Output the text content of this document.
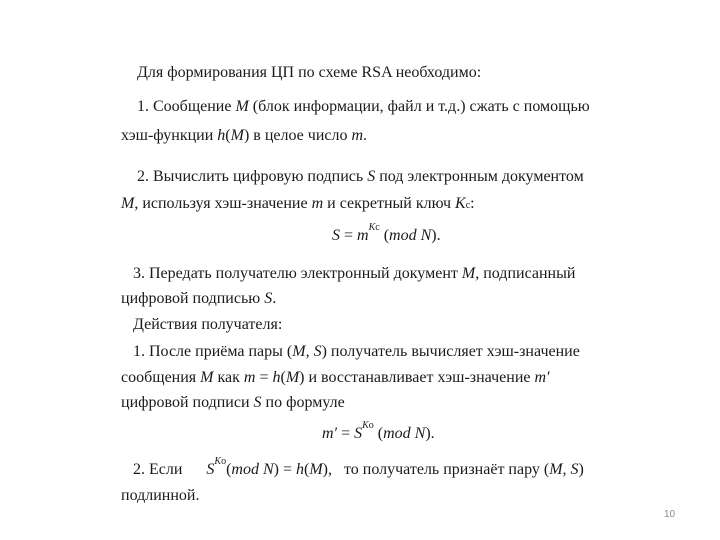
Для формирования ЦП по схеме RSA необходимо:
1. Сообщение M (блок информации, файл и т.д.) сжать с помощью
хэш-функции h(M) в целое число m.
2. Вычислить цифровую подпись S под электронным документом
M, используя хэш-значение m и секретный ключ Kc:
$S = m^{Kc}$ (mod N).
3. Передать получателю электронный документ M, подписанный
цифровой подписью S.
Действия получателя:
1. После приёма пары (M, S) получатель вычисляет хэш-значение
сообщения M как m = h(M) и восстанавливает хэш-значение m′
цифровой подписи S по формуле
$m' = S^{Ko}$ (mod N).
2. Если      $S^{Ko}(mod$ N) = h(M),   то получатель признаёт пару (M, S)
подлинной.
10
